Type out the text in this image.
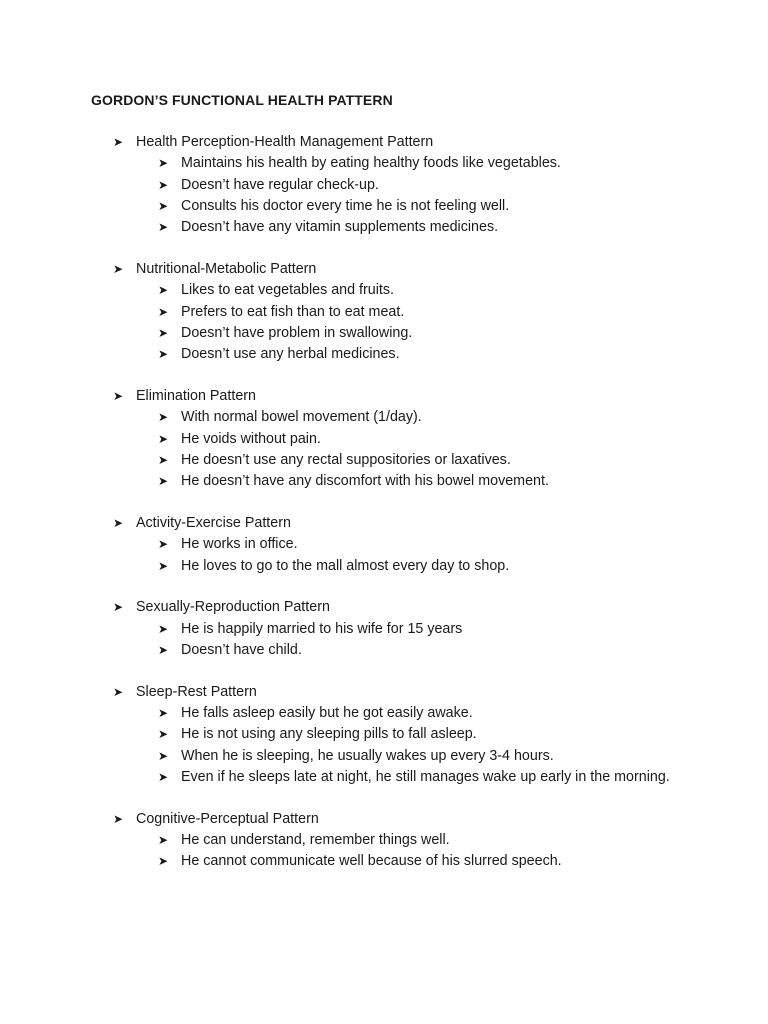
GORDON’S FUNCTIONAL HEALTH PATTERN
➤ Health Perception-Health Management Pattern
➤ Maintains his health by eating healthy foods like vegetables.
➤ Doesn’t have regular check-up.
➤ Consults his doctor every time he is not feeling well.
➤ Doesn’t have any vitamin supplements medicines.
➤ Nutritional-Metabolic Pattern
➤ Likes to eat vegetables and fruits.
➤ Prefers to eat fish than to eat meat.
➤ Doesn’t have problem in swallowing.
➤ Doesn’t use any herbal medicines.
➤ Elimination Pattern
➤ With normal bowel movement (1/day).
➤ He voids without pain.
➤ He doesn’t use any rectal suppositories or laxatives.
➤ He doesn’t have any discomfort with his bowel movement.
➤ Activity-Exercise Pattern
➤ He works in office.
➤ He loves to go to the mall almost every day to shop.
➤ Sexually-Reproduction Pattern
➤ He is happily married to his wife for 15 years
➤ Doesn’t have child.
➤ Sleep-Rest Pattern
➤ He falls asleep easily but he got easily awake.
➤ He is not using any sleeping pills to fall asleep.
➤ When he is sleeping, he usually wakes up every 3-4 hours.
➤ Even if he sleeps late at night, he still manages wake up early in the morning.
➤ Cognitive-Perceptual Pattern
➤ He can understand, remember things well.
➤ He cannot communicate well because of his slurred speech.
